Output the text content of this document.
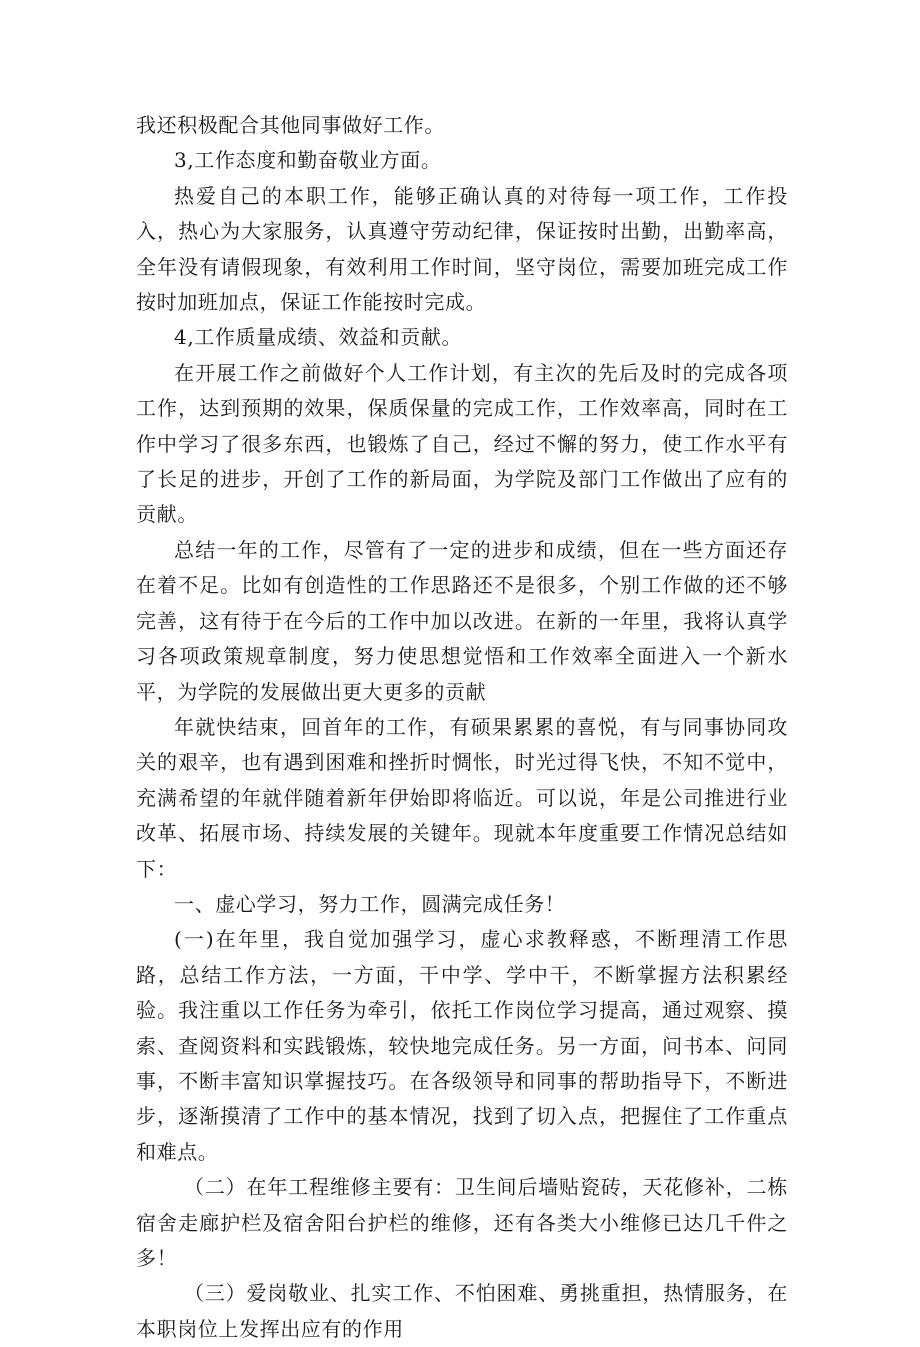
我还积极配合其他同事做好工作。

3,工作态度和勤奋敬业方面。

热爱自己的本职工作，能够正确认真的对待每一项工作，工作投入，热心为大家服务，认真遵守劳动纪律，保证按时出勤，出勤率高，全年没有请假现象，有效利用工作时间，坚守岗位，需要加班完成工作按时加班加点，保证工作能按时完成。

4,工作质量成绩、效益和贡献。

在开展工作之前做好个人工作计划，有主次的先后及时的完成各项工作，达到预期的效果，保质保量的完成工作，工作效率高，同时在工作中学习了很多东西，也锻炼了自己，经过不懈的努力，使工作水平有了长足的进步，开创了工作的新局面，为学院及部门工作做出了应有的贡献。

总结一年的工作，尽管有了一定的进步和成绩，但在一些方面还存在着不足。比如有创造性的工作思路还不是很多，个别工作做的还不够完善，这有待于在今后的工作中加以改进。在新的一年里，我将认真学习各项政策规章制度，努力使思想觉悟和工作效率全面进入一个新水平，为学院的发展做出更大更多的贡献

年就快结束，回首年的工作，有硕果累累的喜悦，有与同事协同攻关的艰辛，也有遇到困难和挫折时惆怅，时光过得飞快，不知不觉中，充满希望的年就伴随着新年伊始即将临近。可以说，年是公司推进行业改革、拓展市场、持续发展的关键年。现就本年度重要工作情况总结如下：

一、虚心学习，努力工作，圆满完成任务！

(一)在年里，我自觉加强学习，虚心求教释惑，不断理清工作思路，总结工作方法，一方面，干中学、学中干，不断掌握方法积累经验。我注重以工作任务为牵引，依托工作岗位学习提高，通过观察、摸索、查阅资料和实践锻炼，较快地完成任务。另一方面，问书本、问同事，不断丰富知识掌握技巧。在各级领导和同事的帮助指导下，不断进步，逐渐摸清了工作中的基本情况，找到了切入点，把握住了工作重点和难点。

（二）在年工程维修主要有：卫生间后墙贴瓷砖，天花修补，二栋宿舍走廊护栏及宿舍阳台护栏的维修，还有各类大小维修已达几千件之多！

（三）爱岗敬业、扎实工作、不怕困难、勇挑重担，热情服务，在本职岗位上发挥出应有的作用
